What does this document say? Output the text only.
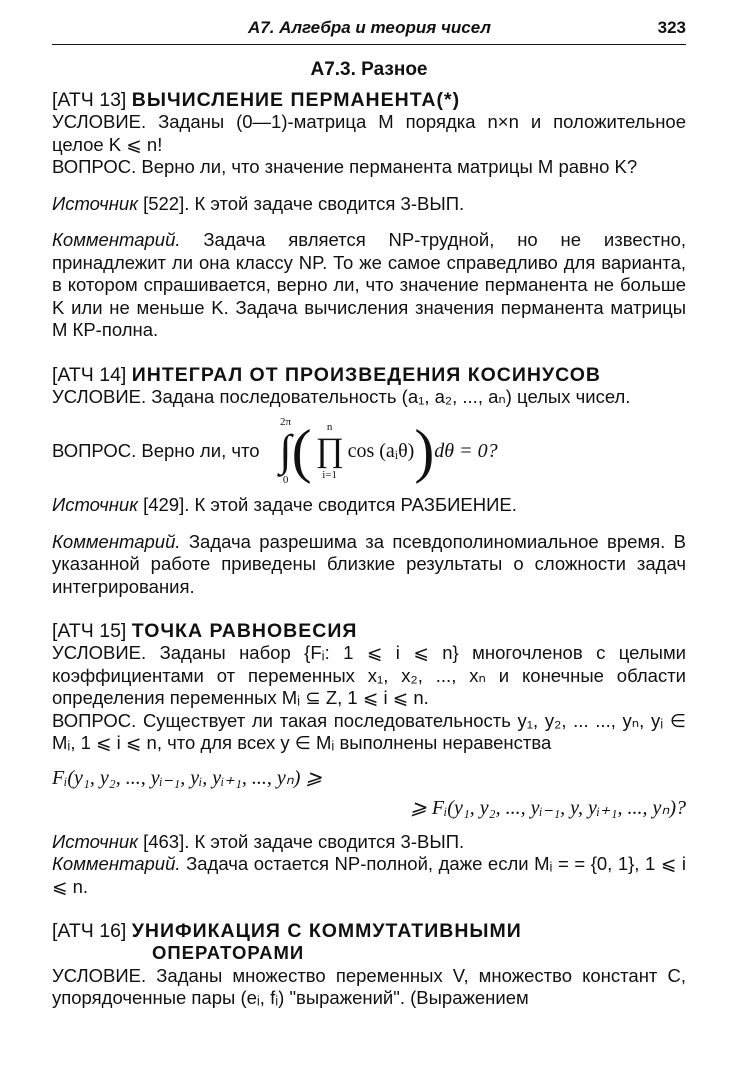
А7. Алгебра и теория чисел	323
А7.3. Разное
[АТЧ 13] ВЫЧИСЛЕНИЕ ПЕРМАНЕНТА(*)
УСЛОВИЕ. Заданы (0—1)-матрица M порядка n×n и положительное целое K ⩽ n!
ВОПРОС. Верно ли, что значение перманента матрицы M равно K?
Источник [522]. К этой задаче сводится 3-ВЫП.
Комментарий. Задача является NP-трудной, но не известно, принадлежит ли она классу NP. То же самое справедливо для варианта, в котором спрашивается, верно ли, что значение перманента не больше K или не меньше K. Задача вычисления значения перманента матрицы M КР-полна.
[АТЧ 14] ИНТЕГРАЛ ОТ ПРОИЗВЕДЕНИЯ КОСИНУСОВ
УСЛОВИЕ. Задана последовательность (a₁, a₂, ..., aₙ) целых чисел.
ВОПРОС. Верно ли, что
2π
∫
0 ( n
∏
i=1
cos (aᵢθ) ) dθ = 0?
Источник [429]. К этой задаче сводится РАЗБИЕНИЕ.
Комментарий. Задача разрешима за псевдополиномиальное время. В указанной работе приведены близкие результаты о сложности задач интегрирования.
[АТЧ 15] ТОЧКА РАВНОВЕСИЯ
УСЛОВИЕ. Заданы набор {Fᵢ: 1 ⩽ i ⩽ n} многочленов с целыми коэффициентами от переменных x₁, x₂, ..., xₙ и конечные области определения переменных Mᵢ ⊆ Z, 1 ⩽ i ⩽ n.
ВОПРОС. Существует ли такая последовательность y₁, y₂, ... ..., yₙ, yᵢ ∈ Mᵢ, 1 ⩽ i ⩽ n, что для всех y ∈ Mᵢ выполнены неравенства
Fᵢ(y₁, y₂, ..., yᵢ₋₁, yᵢ, yᵢ₊₁, ..., yₙ) ⩾
⩾ Fᵢ(y₁, y₂, ..., yᵢ₋₁, y, yᵢ₊₁, ..., yₙ)?
Источник [463]. К этой задаче сводится 3-ВЫП.
Комментарий. Задача остается NP-полной, даже если Mᵢ = = {0, 1}, 1 ⩽ i ⩽ n.
[АТЧ 16] УНИФИКАЦИЯ С КОММУТАТИВНЫМИ
ОПЕРАТОРАМИ
УСЛОВИЕ. Заданы множество переменных V, множество констант C, упорядоченные пары (eᵢ, fᵢ) "выражений". (Выражением
